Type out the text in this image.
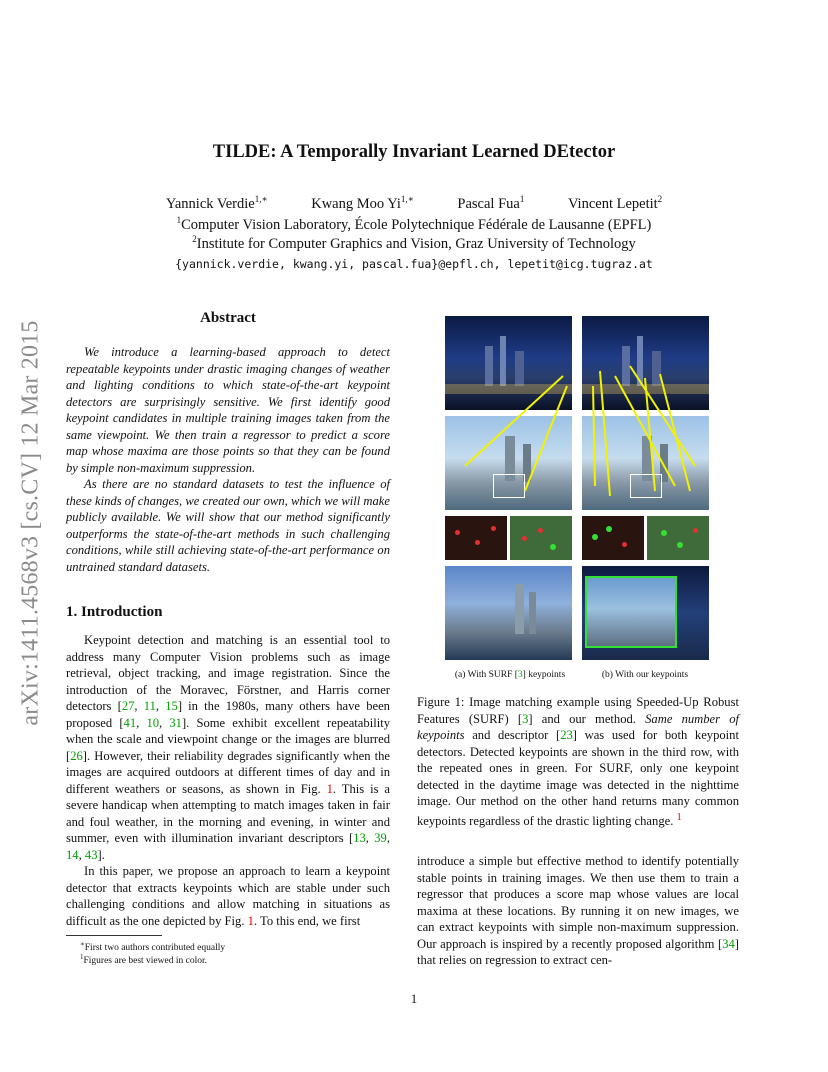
arXiv:1411.4568v3 [cs.CV] 12 Mar 2015
TILDE: A Temporally Invariant Learned DEtector
Yannick Verdie$^{1,∗}$	Kwang Moo $Yi^{1,∗}$	Pascal Fua$^1$	Vincent Lepetit$^2$
$^1$Computer Vision Laboratory, École Polytechnique Fédérale de Lausanne (EPFL)
$^2$Institute for Computer Graphics and Vision, Graz University of Technology
{yannick.verdie, kwang.yi, pascal.fua}@epfl.ch, lepetit@icg.tugraz.at
Abstract

We introduce a learning-based approach to detect repeatable keypoints under drastic imaging changes of weather and lighting conditions to which state-of-the-art keypoint detectors are surprisingly sensitive. We first identify good keypoint candidates in multiple training images taken from the same viewpoint. We then train a regressor to predict a score map whose maxima are those points so that they can be found by simple non-maximum suppression.

As there are no standard datasets to test the influence of these kinds of changes, we created our own, which we will make publicly available. We will show that our method significantly outperforms the state-of-the-art methods in such challenging conditions, while still achieving state-of-the-art performance on untrained standard datasets.

1. Introduction

Keypoint detection and matching is an essential tool to address many Computer Vision problems such as image retrieval, object tracking, and image registration. Since the introduction of the Moravec, Förstner, and Harris corner detectors [27, 11, 15] in the 1980s, many others have been proposed [41, 10, 31]. Some exhibit excellent repeatability when the scale and viewpoint change or the images are blurred [26]. However, their reliability degrades significantly when the images are acquired outdoors at different times of day and in different weathers or seasons, as shown in Fig. 1. This is a severe handicap when attempting to match images taken in fair and foul weather, in the morning and evening, in winter and summer, even with illumination invariant descriptors [13, 39, 14, 43].

In this paper, we propose an approach to learn a keypoint detector that extracts keypoints which are stable under such challenging conditions and allow matching in situations as difficult as the one depicted by Fig. 1. To this end, we first

∗First two authors contributed equally
$^1$Figures are best viewed in color.
(a) With SURF [3] keypoints	(b) With our keypoints

Figure 1: Image matching example using Speeded-Up Robust Features (SURF) [3] and our method. Same number of keypoints and descriptor [23] was used for both keypoint detectors. Detected keypoints are shown in the third row, with the repeated ones in green. For SURF, only one keypoint detected in the daytime image was detected in the nighttime image. Our method on the other hand returns many common keypoints regardless of the drastic lighting change. $^1$

introduce a simple but effective method to identify potentially stable points in training images. We then use them to train a regressor that produces a score map whose values are local maxima at these locations. By running it on new images, we can extract keypoints with simple non-maximum suppression. Our approach is inspired by a recently proposed algorithm [34] that relies on regression to extract cen-

1
